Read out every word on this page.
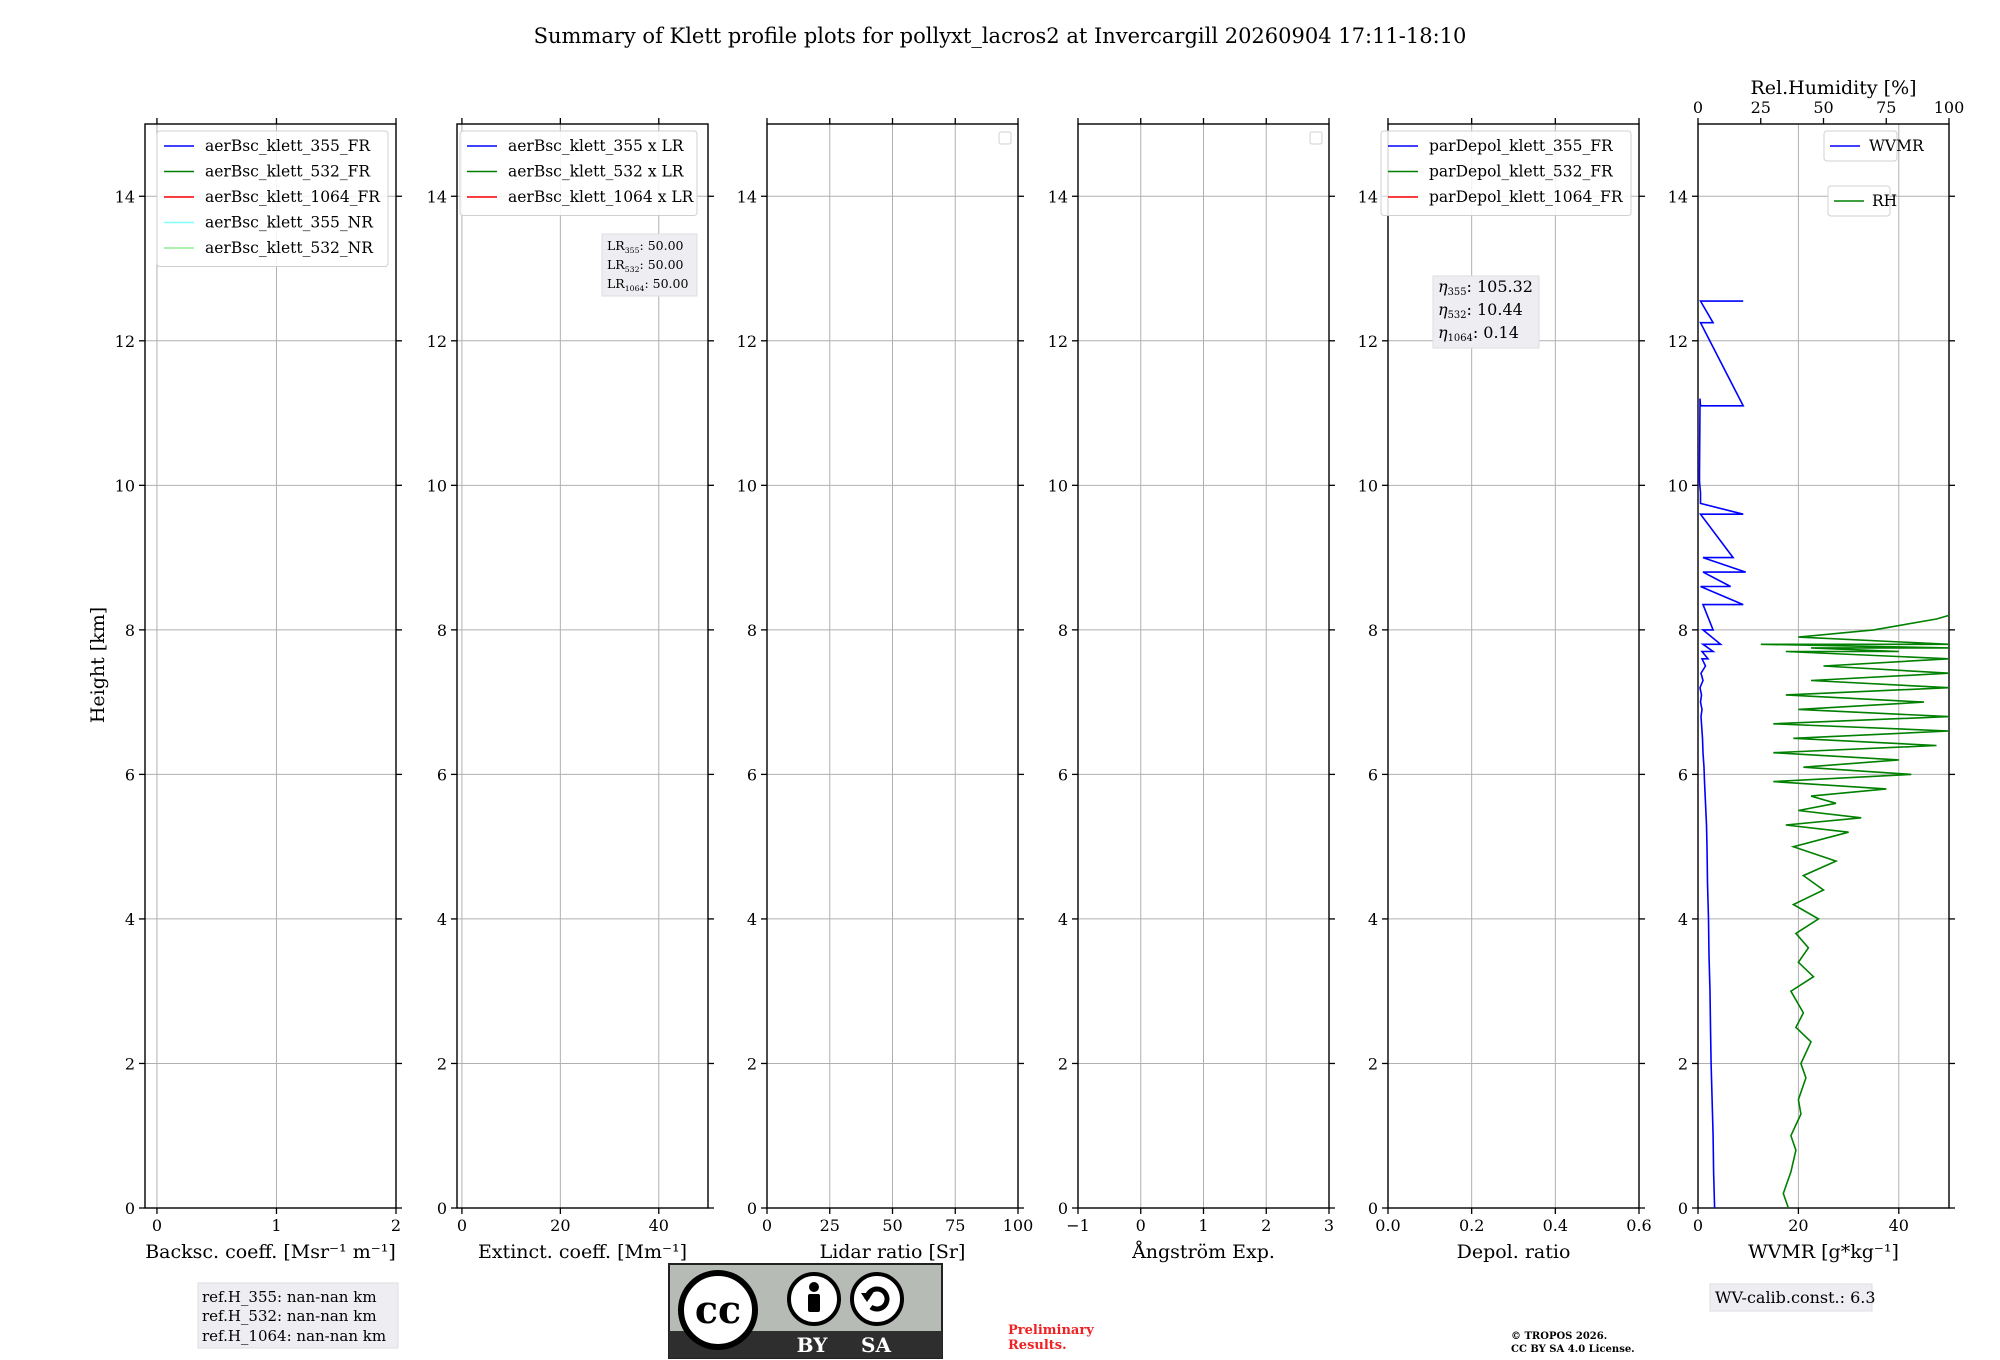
Summary of Klett profile plots for pollyxt_lacros2 at Invercargill 20260904 17:11-18:10
Height [km]
0	1	2
0
2
4
6
8
10
12
14
Backsc. coeff. [Msr⁻¹ m⁻¹]
aerBsc_klett_355_FR
aerBsc_klett_532_FR
aerBsc_klett_1064_FR
aerBsc_klett_355_NR
aerBsc_klett_532_NR
0	20	40
0
2
4
6
8
10
12
14
Extinct. coeff. [Mm⁻¹]
aerBsc_klett_355 x LR
aerBsc_klett_532 x LR
aerBsc_klett_1064 x LR
$LR_{355}$: 50.00
$LR_{532}$: 50.00
$LR_{1064}$: 50.00
0	25	50	75 100
0
2
4
6
8
10
12
14
Lidar ratio [Sr]
−1	0	1	2	3
0
2
4
6
8
10
12
14
Ångström Exp.
0.0	0.2	0.4	0.6
0
2
4
6
8
10
12
14
Depol. ratio
parDepol_klett_355_FR
parDepol_klett_532_FR
parDepol_klett_1064_FR
η355: 105.32
η532: 10.44
η1064: 0.14
0	20	40
0
2
4
6
8
10
12
14
WVMR [g*kg⁻¹]
0	25	50	75 100
Rel.Humidity [%]
WVMR
RH
ref.H_355: nan-nan km
ref.H_532: nan-nan km
ref.H_1064: nan-nan km
cc
BY SA
Preliminary
Results.
© TROPOS 2026.
CC BY SA 4.0 License.
WV-calib.const.: 6.3
